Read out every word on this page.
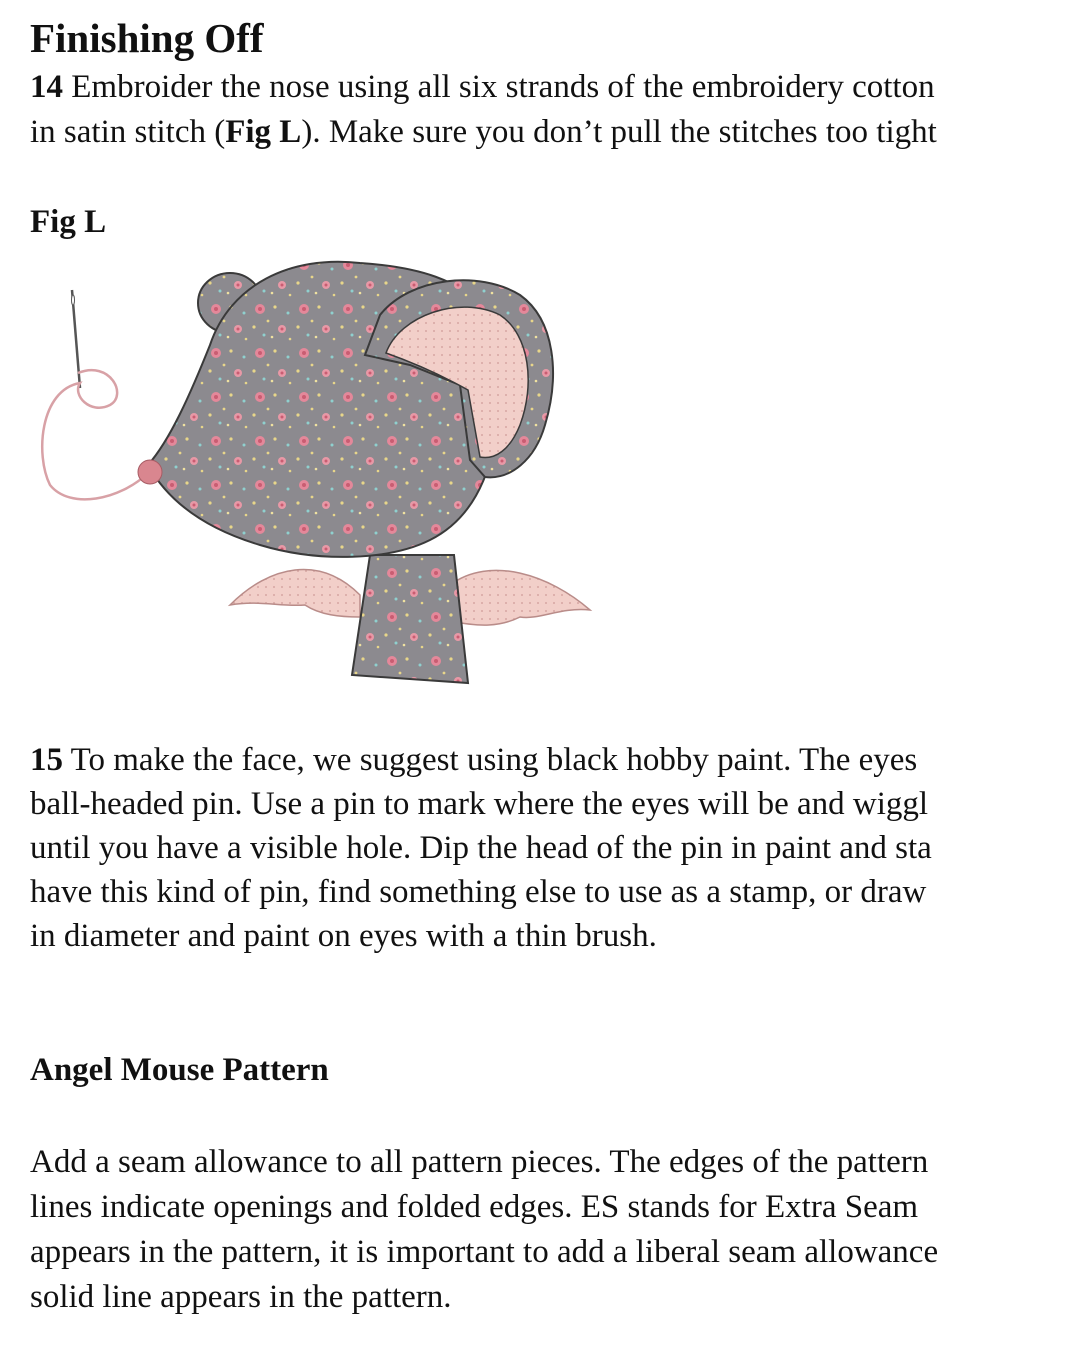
Finishing Off
14 Embroider the nose using all six strands of the embroidery cotton
in satin stitch (Fig L). Make sure you don’t pull the stitches too tight
Fig L
15 To make the face, we suggest using black hobby paint. The eyes
ball-headed pin. Use a pin to mark where the eyes will be and wiggl
until you have a visible hole. Dip the head of the pin in paint and sta
have this kind of pin, find something else to use as a stamp, or draw
in diameter and paint on eyes with a thin brush.
Angel Mouse Pattern
Add a seam allowance to all pattern pieces. The edges of the pattern
lines indicate openings and folded edges. ES stands for Extra Seam
appears in the pattern, it is important to add a liberal seam allowance
solid line appears in the pattern.
